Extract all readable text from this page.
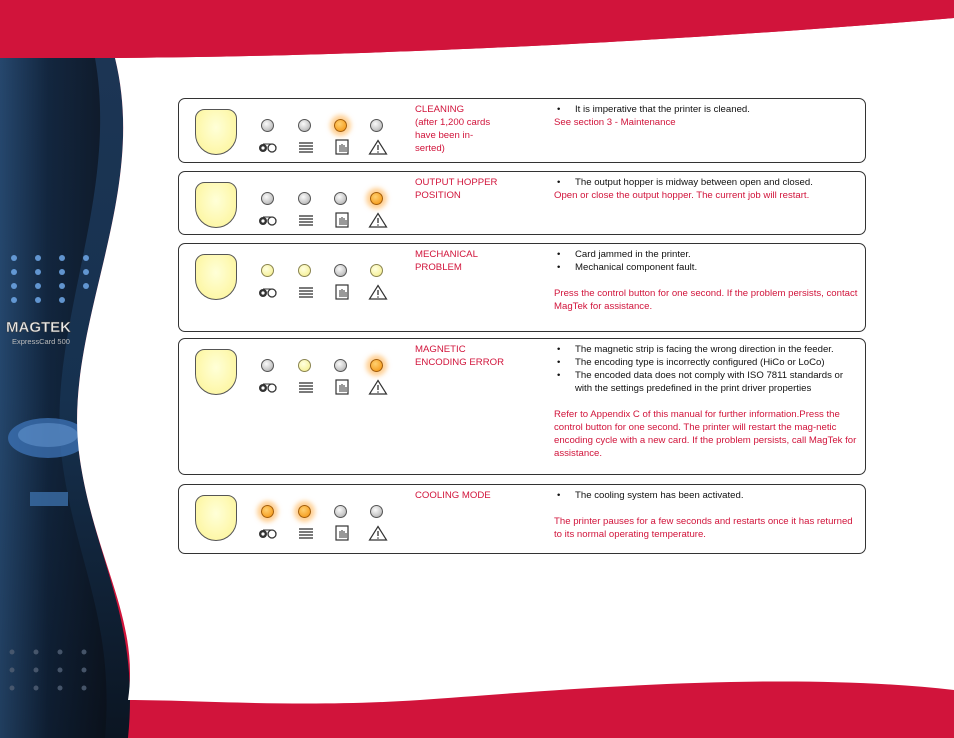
MAGTEK
ExpressCard 500
CLEANING
(after 1,200 cards have been in-
serted)
• It is imperative that the printer is cleaned.

See section 3 - Maintenance

OUTPUT HOPPER POSITION
• The output hopper is midway between open and closed.

Open or close the output hopper. The current job will restart.

MECHANICAL PROBLEM
• Card jammed in the printer.
• Mechanical component fault.

Press the control button for one second. If the problem persists, contact MagTek for assistance.

MAGNETIC ENCODING ERROR
• The magnetic strip is facing the wrong direction in the feeder.
• The encoding type is incorrectly configured (HiCo or LoCo)
• The encoded data does not comply with ISO 7811 standards or with the settings predefined in the print driver properties

Refer to Appendix C of this manual for further information.Press the control button for one second. The printer will restart the mag-netic encoding cycle with a new card. If the problem persists, call MagTek for assistance.

COOLING MODE
•	The cooling system has been activated.

The printer pauses for a few seconds and restarts once it has returned to its normal operating temperature.
